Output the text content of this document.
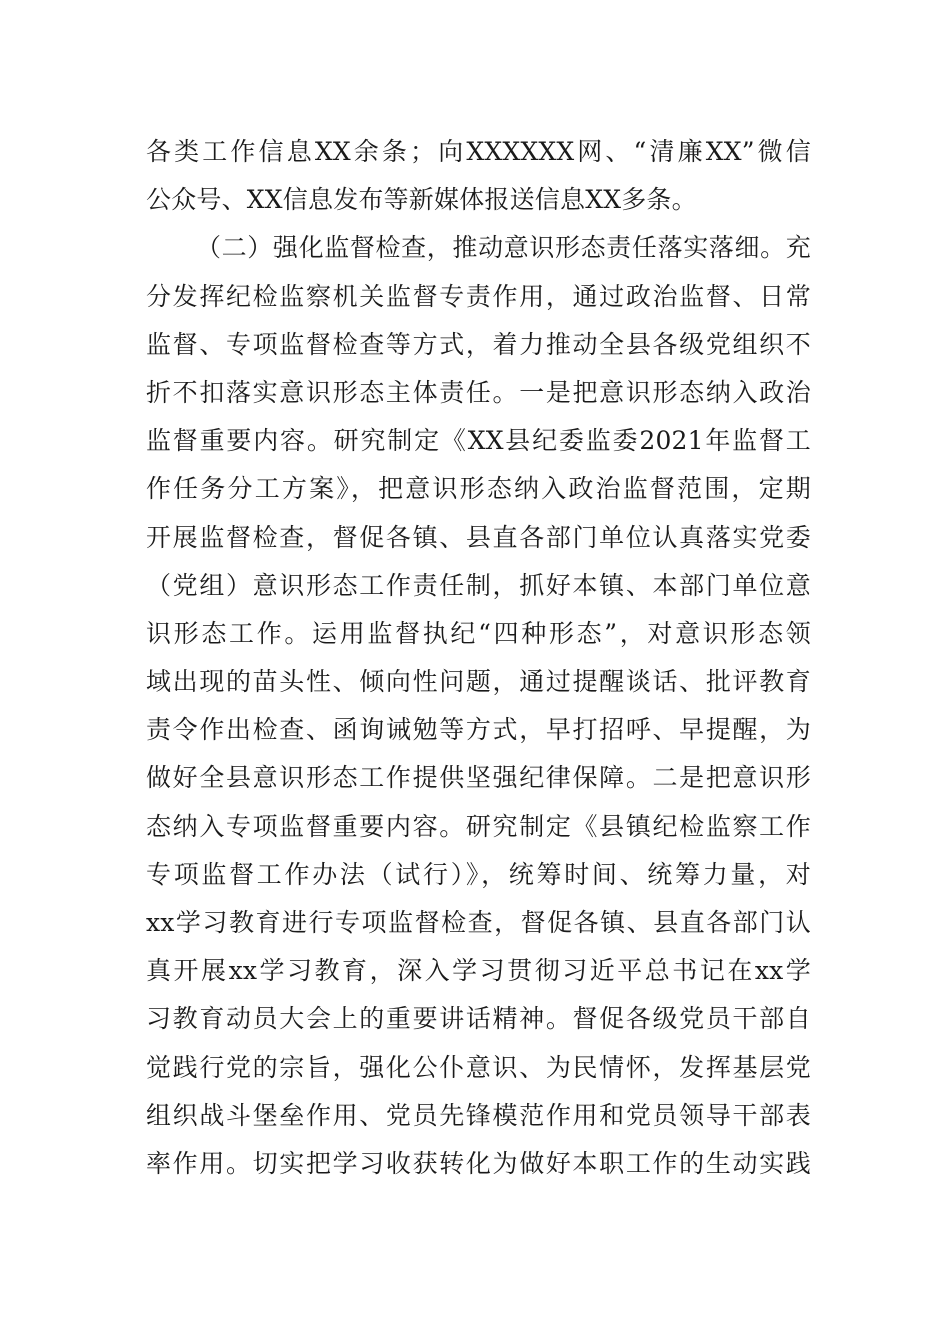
各类工作信息XX余条；向XXXXXX网、“清廉XX”微信
公众号、XX信息发布等新媒体报送信息XX多条。
（二）强化监督检查，推动意识形态责任落实落细。充
分发挥纪检监察机关监督专责作用，通过政治监督、日常
监督、专项监督检查等方式，着力推动全县各级党组织不
折不扣落实意识形态主体责任。一是把意识形态纳入政治
监督重要内容。研究制定《XX县纪委监委2021年监督工
作任务分工方案》，把意识形态纳入政治监督范围，定期
开展监督检查，督促各镇、县直各部门单位认真落实党委
（党组）意识形态工作责任制，抓好本镇、本部门单位意
识形态工作。运用监督执纪“四种形态”，对意识形态领
域出现的苗头性、倾向性问题，通过提醒谈话、批评教育
责令作出检查、函询诫勉等方式，早打招呼、早提醒，为
做好全县意识形态工作提供坚强纪律保障。二是把意识形
态纳入专项监督重要内容。研究制定《县镇纪检监察工作
专项监督工作办法（试行）》，统筹时间、统筹力量，对
xx学习教育进行专项监督检查，督促各镇、县直各部门认
真开展xx学习教育，深入学习贯彻习近平总书记在xx学
习教育动员大会上的重要讲话精神。督促各级党员干部自
觉践行党的宗旨，强化公仆意识、为民情怀，发挥基层党
组织战斗堡垒作用、党员先锋模范作用和党员领导干部表
率作用。切实把学习收获转化为做好本职工作的生动实践
